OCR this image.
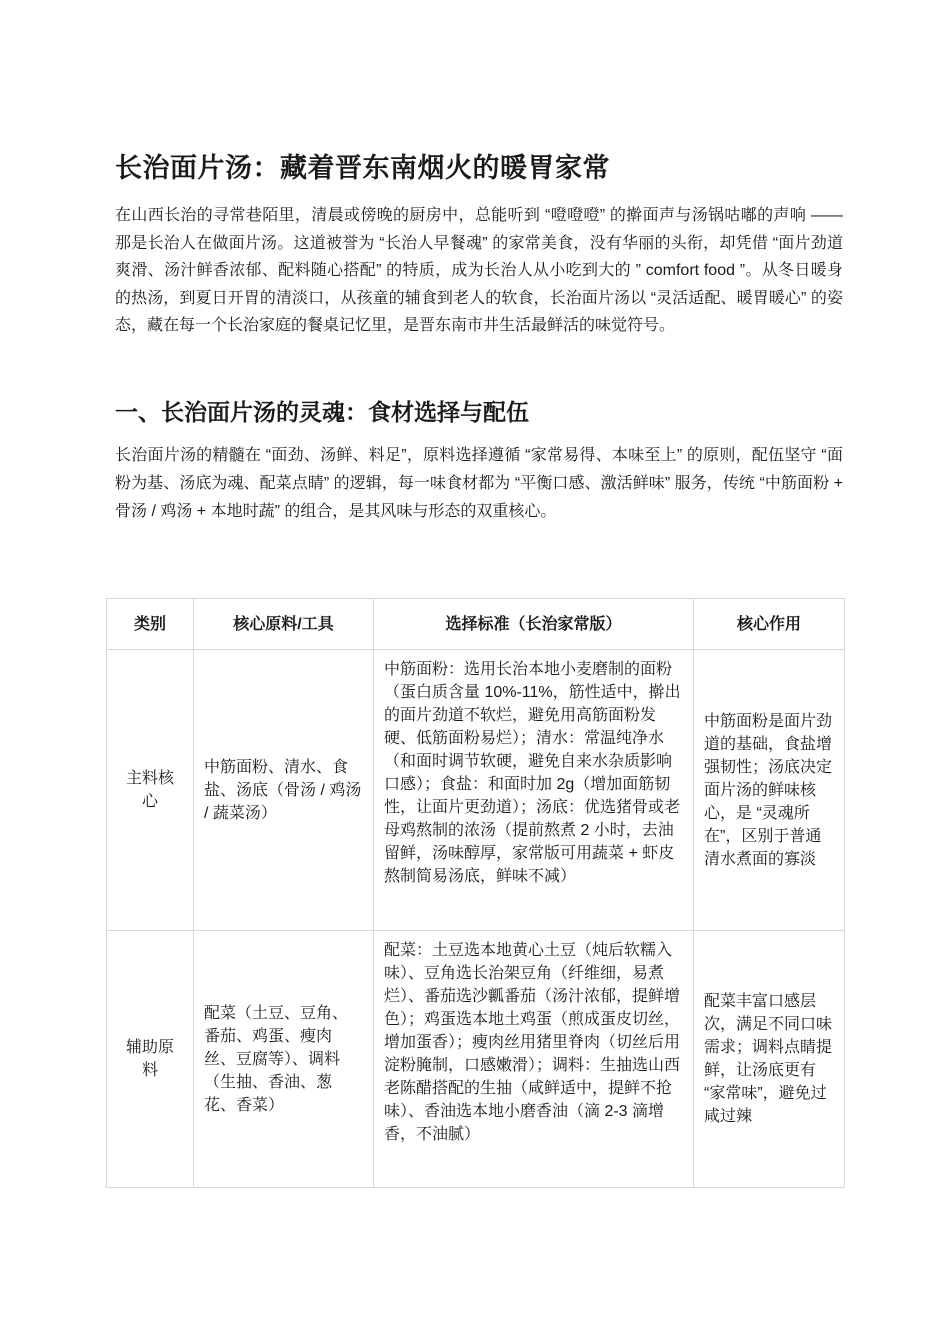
长治面片汤：藏着晋东南烟火的暖胃家常

在山西长治的寻常巷陌里，清晨或傍晚的厨房中，总能听到 “噔噔噔” 的擀面声与汤锅咕嘟的声响 —— 那是长治人在做面片汤。这道被誉为 “长治人早餐魂” 的家常美食，没有华丽的头衔，却凭借 “面片劲道爽滑、汤汁鲜香浓郁、配料随心搭配” 的特质，成为长治人从小吃到大的 ” comfort food ”。从冬日暖身的热汤，到夏日开胃的清淡口，从孩童的辅食到老人的软食，长治面片汤以 “灵活适配、暖胃暖心” 的姿态，藏在每一个长治家庭的餐桌记忆里，是晋东南市井生活最鲜活的味觉符号。

一、长治面片汤的灵魂：食材选择与配伍

长治面片汤的精髓在 “面劲、汤鲜、料足”，原料选择遵循 “家常易得、本味至上” 的原则，配伍坚守 “面粉为基、汤底为魂、配菜点睛” 的逻辑，每一味食材都为 “平衡口感、激活鲜味” 服务，传统 “中筋面粉 + 骨汤 / 鸡汤 + 本地时蔬” 的组合，是其风味与形态的双重核心。

类别	核心原料/工具	选择标准（长治家常版）	核心作用
主料核心	中筋面粉、清水、食盐、汤底（骨汤 / 鸡汤 / 蔬菜汤）	中筋面粉：选用长治本地小麦磨制的面粉（蛋白质含量 10%-11%，筋性适中，擀出的面片劲道不软烂，避免用高筋面粉发硬、低筋面粉易烂）；清水：常温纯净水（和面时调节软硬，避免自来水杂质影响口感）；食盐：和面时加 2g（增加面筋韧性，让面片更劲道）；汤底：优选猪骨或老母鸡熬制的浓汤（提前熬煮 2 小时，去油留鲜，汤味醇厚，家常版可用蔬菜 + 虾皮熬制简易汤底，鲜味不减）	中筋面粉是面片劲道的基础，食盐增强韧性；汤底决定面片汤的鲜味核心，是 “灵魂所在”，区别于普通清水煮面的寡淡
辅助原料	配菜（土豆、豆角、番茄、鸡蛋、瘦肉丝、豆腐等）、调料（生抽、香油、葱花、香菜）	配菜：土豆选本地黄心土豆（炖后软糯入味）、豆角选长治架豆角（纤维细，易煮烂）、番茄选沙瓤番茄（汤汁浓郁，提鲜增色）；鸡蛋选本地土鸡蛋（煎成蛋皮切丝，增加蛋香）；瘦肉丝用猪里脊肉（切丝后用淀粉腌制，口感嫩滑）；调料：生抽选山西老陈醋搭配的生抽（咸鲜适中，提鲜不抢味）、香油选本地小磨香油（滴 2-3 滴增香，不油腻）	配菜丰富口感层次，满足不同口味需求；调料点睛提鲜，让汤底更有 “家常味”，避免过咸过辣
